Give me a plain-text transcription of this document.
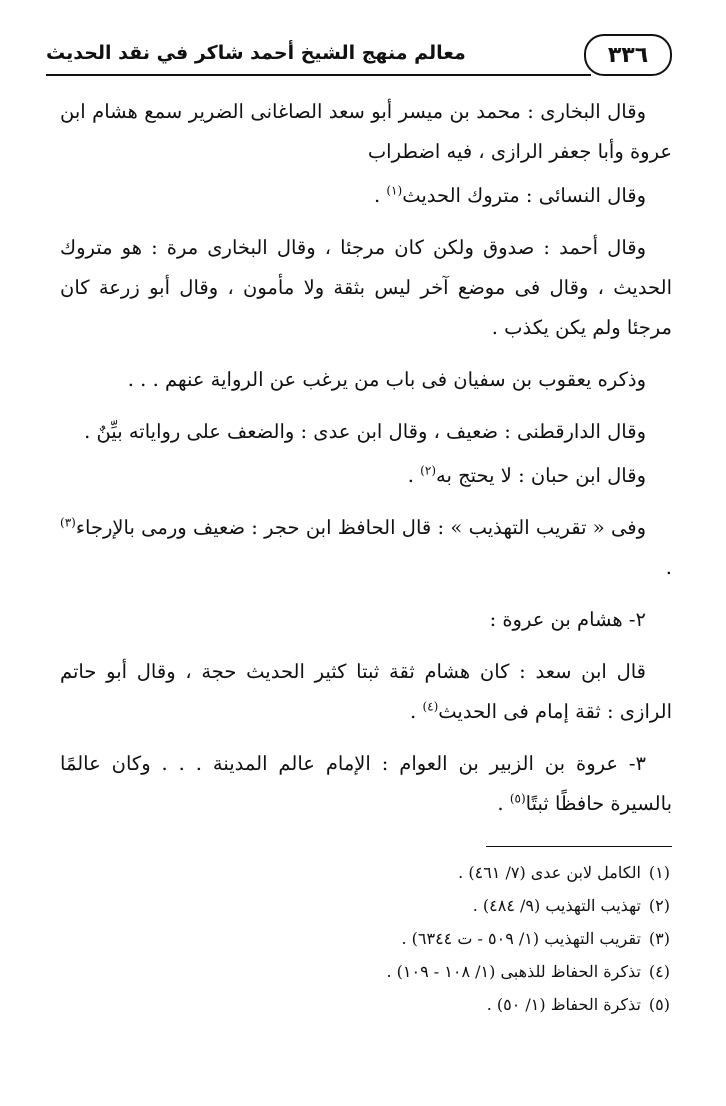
٣٣٦
معالم منهج الشيخ أحمد شاكر في نقد الحديث

وقال البخارى : محمد بن ميسر أبو سعد الصاغانى الضرير سمع هشام ابن عروة وأبا جعفر الرازى ، فيه اضطراب

وقال النسائى : متروك الحديث$^{(١)}$ .

وقال أحمد : صدوق ولكن كان مرجئا ، وقال البخارى مرة : هو متروك الحديث ، وقال فى موضع آخر ليس بثقة ولا مأمون ، وقال أبو زرعة كان مرجئا ولم يكن يكذب .

وذكره يعقوب بن سفيان فى باب من يرغب عن الرواية عنهم . . .

وقال الدارقطنى : ضعيف ، وقال ابن عدى : والضعف على رواياته بيِّنٌ .

وقال ابن حبان : لا يحتج به$^{(٢)}$ .

وفى « تقريب التهذيب » : قال الحافظ ابن حجر : ضعيف ورمى بالإرجاء$^{(٣)}$ .

٢- هشام بن عروة :

قال ابن سعد : كان هشام ثقة ثبتا كثير الحديث حجة ، وقال أبو حاتم الرازى : ثقة إمام فى الحديث$^{(٤)}$ .

٣- عروة بن الزبير بن العوام : الإمام عالم المدينة . . . وكان عالمًا بالسيرة حافظًا ثبتًا$^{(٥)}$ .

(١)الكامل لابن عدى (٧/ ٤٦١) .

(٢)تهذيب التهذيب (٩/ ٤٨٤) .

(٣)تقريب التهذيب (١/ ٥٠٩ - ت ٦٣٤٤) .

(٤)تذكرة الحفاظ للذهبى (١/ ١٠٨ - ١٠٩) .

(٥)تذكرة الحفاظ (١/ ٥٠) .
